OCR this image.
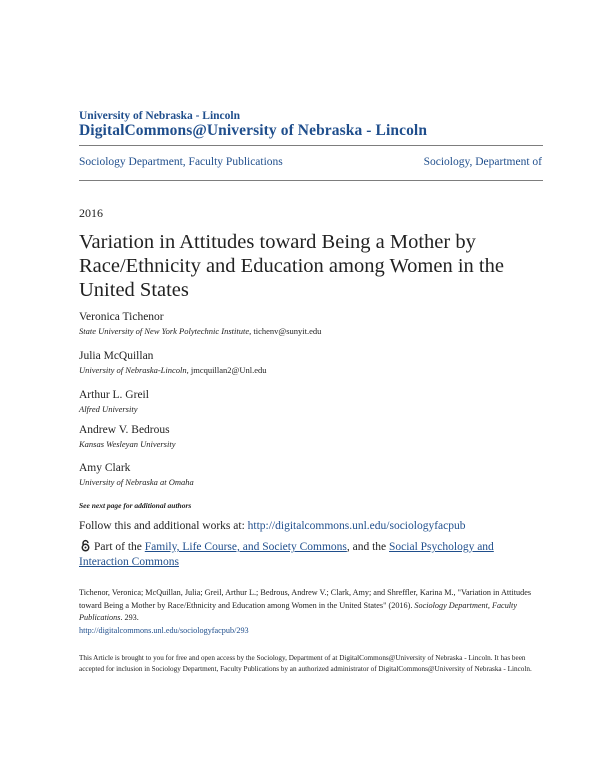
University of Nebraska - Lincoln
DigitalCommons@University of Nebraska - Lincoln
Sociology Department, Faculty Publications	Sociology, Department of
2016
Variation in Attitudes toward Being a Mother by Race/Ethnicity and Education among Women in the United States
Veronica Tichenor
State University of New York Polytechnic Institute, tichenv@sunyit.edu
Julia McQuillan
University of Nebraska-Lincoln, jmcquillan2@Unl.edu
Arthur L. Greil
Alfred University
Andrew V. Bedrous
Kansas Wesleyan University
Amy Clark
University of Nebraska at Omaha
See next page for additional authors
Follow this and additional works at: http://digitalcommons.unl.edu/sociologyfacpub
Part of the Family, Life Course, and Society Commons, and the Social Psychology and Interaction Commons
Tichenor, Veronica; McQuillan, Julia; Greil, Arthur L.; Bedrous, Andrew V.; Clark, Amy; and Shreffler, Karina M., "Variation in Attitudes toward Being a Mother by Race/Ethnicity and Education among Women in the United States" (2016). Sociology Department, Faculty Publications. 293.
http://digitalcommons.unl.edu/sociologyfacpub/293
This Article is brought to you for free and open access by the Sociology, Department of at DigitalCommons@University of Nebraska - Lincoln. It has been accepted for inclusion in Sociology Department, Faculty Publications by an authorized administrator of DigitalCommons@University of Nebraska - Lincoln.
